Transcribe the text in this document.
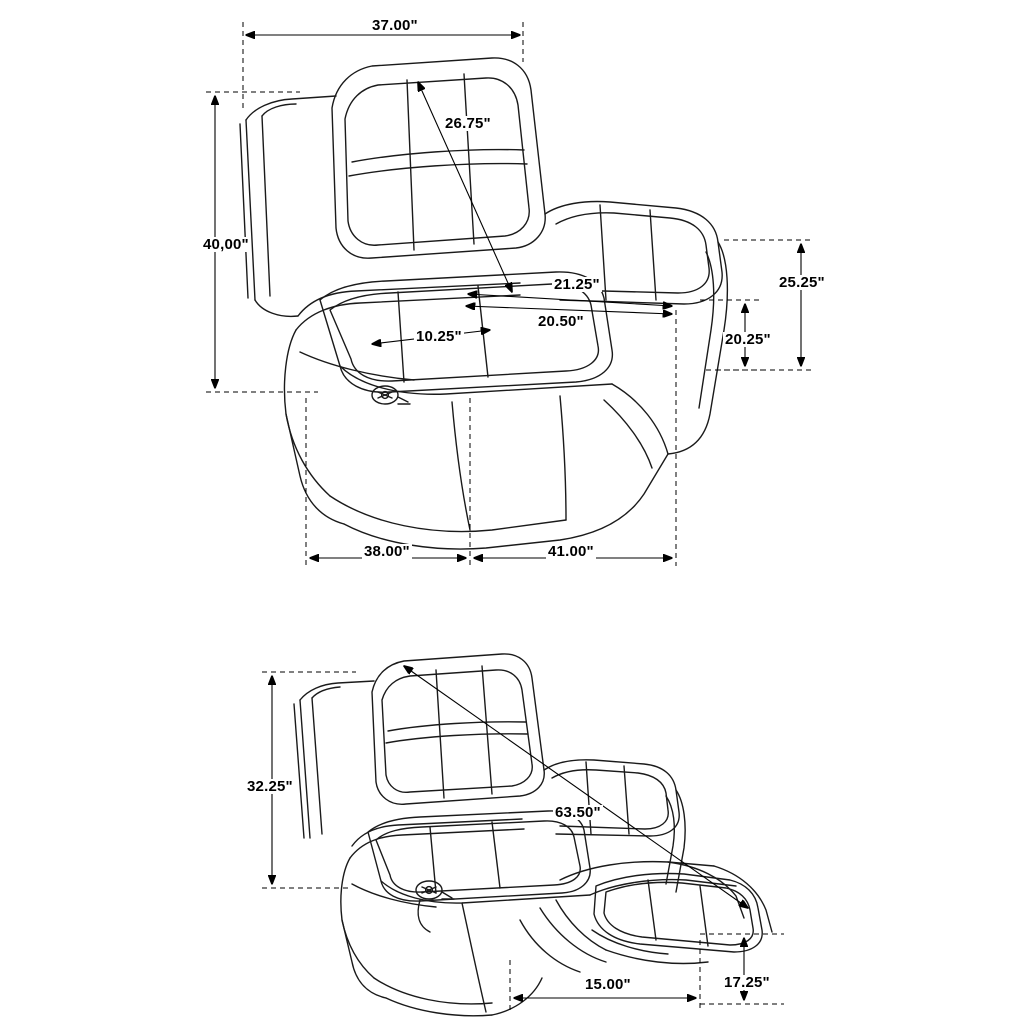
37.00"
26.75"
40,00"
21.25"	25.25"
20.50"
10.25"	20.25"
38.00"	41.00"
32.25"
63.50"
17.25"
15.00"
